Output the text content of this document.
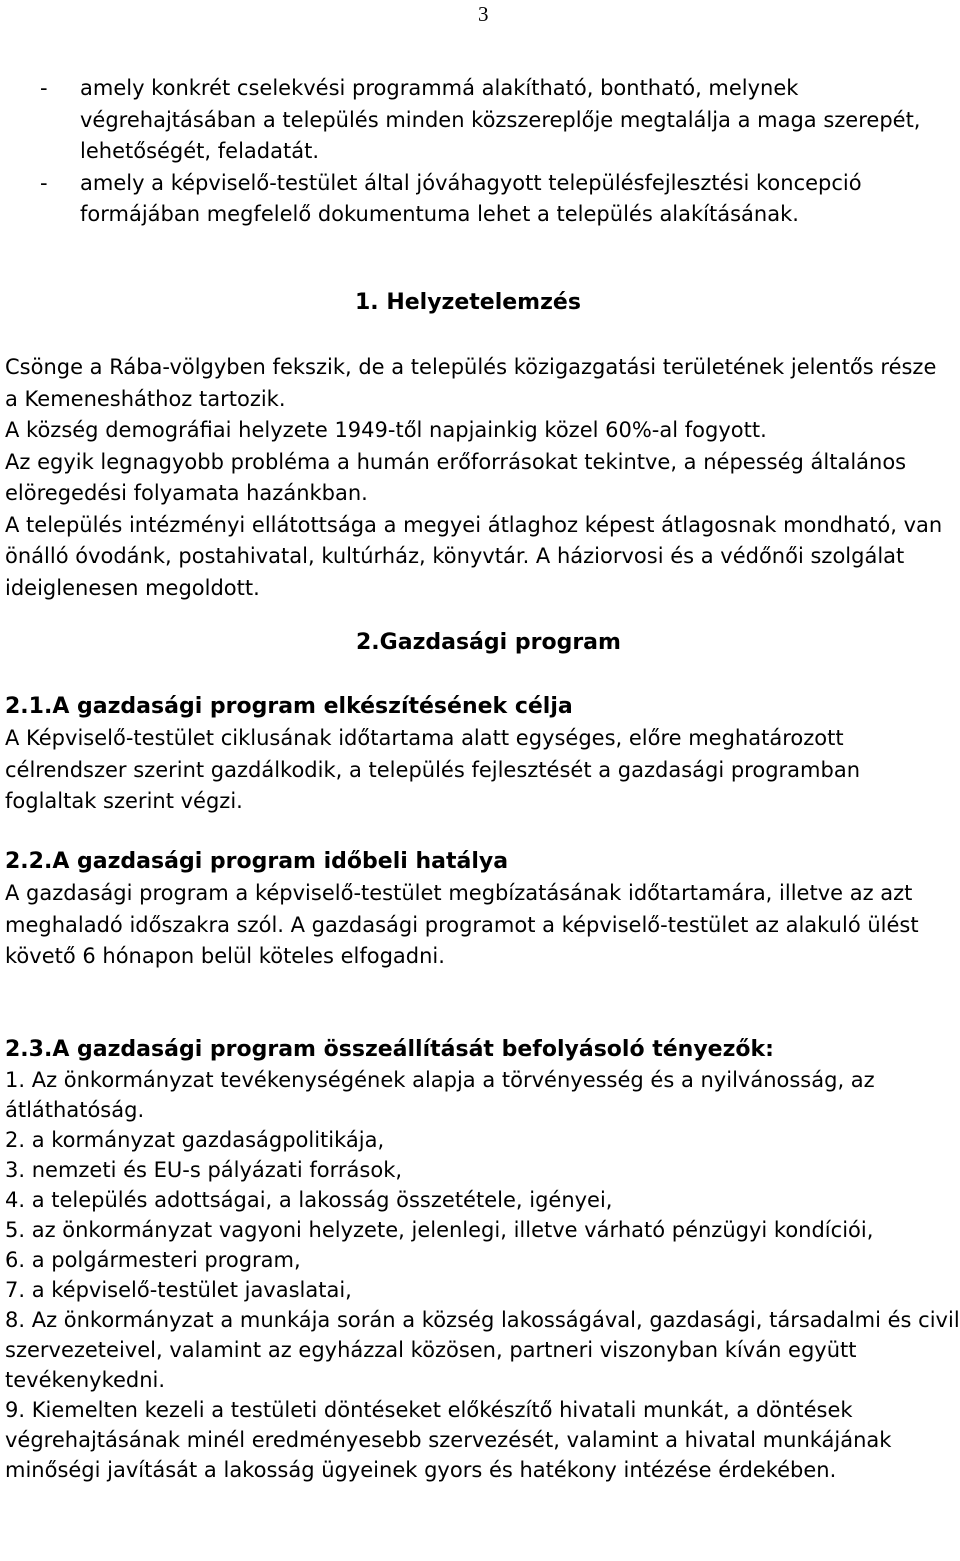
3
- amely konkrét cselekvési programmá alakítható, bontható, melynek végrehajtásában a település minden közszereplője megtalálja a maga szerepét, lehetőségét, feladatát.
- amely a képviselő-testület által jóváhagyott településfejlesztési koncepció formájában megfelelő dokumentuma lehet a település alakításának.
1. Helyzetelemzés

Csönge a Rába-völgyben fekszik, de a település közigazgatási területének jelentős része a Kemenesháthoz tartozik.

A község demográfiai helyzete 1949-től napjainkig közel 60%-al fogyott.

Az egyik legnagyobb probléma a humán erőforrásokat tekintve, a népesség általános elöregedési folyamata hazánkban.

A település intézményi ellátottsága a megyei átlaghoz képest átlagosnak mondható, van önálló óvodánk, postahivatal, kultúrház, könyvtár. A háziorvosi és a védőnői szolgálat ideiglenesen megoldott.

2.Gazdasági program
2.1.A gazdasági program elkészítésének célja

A Képviselő-testület ciklusának időtartama alatt egységes, előre meghatározott célrendszer szerint gazdálkodik, a település fejlesztését a gazdasági programban foglaltak szerint végzi.

2.2.A gazdasági program időbeli hatálya

A gazdasági program a képviselő-testület megbízatásának időtartamára, illetve az azt meghaladó időszakra szól. A gazdasági programot a képviselő-testület az alakuló ülést követő 6 hónapon belül köteles elfogadni.

2.3.A gazdasági program összeállítását befolyásoló tényezők:
1. Az önkormányzat tevékenységének alapja a törvényesség és a nyilvánosság, az átláthatóság.
2. a kormányzat gazdaságpolitikája,
3. nemzeti és EU-s pályázati források,
4. a település adottságai, a lakosság összetétele, igényei,
5. az önkormányzat vagyoni helyzete, jelenlegi, illetve várható pénzügyi kondíciói,
6. a polgármesteri program,
7. a képviselő-testület javaslatai,
8. Az önkormányzat a munkája során a község lakosságával, gazdasági, társadalmi és civil szervezeteivel, valamint az egyházzal közösen, partneri viszonyban kíván együtt tevékenykedni.
9. Kiemelten kezeli a testületi döntéseket előkészítő hivatali munkát, a döntések végrehajtásának minél eredményesebb szervezését, valamint a hivatal munkájának minőségi javítását a lakosság ügyeinek gyors és hatékony intézése érdekében.
